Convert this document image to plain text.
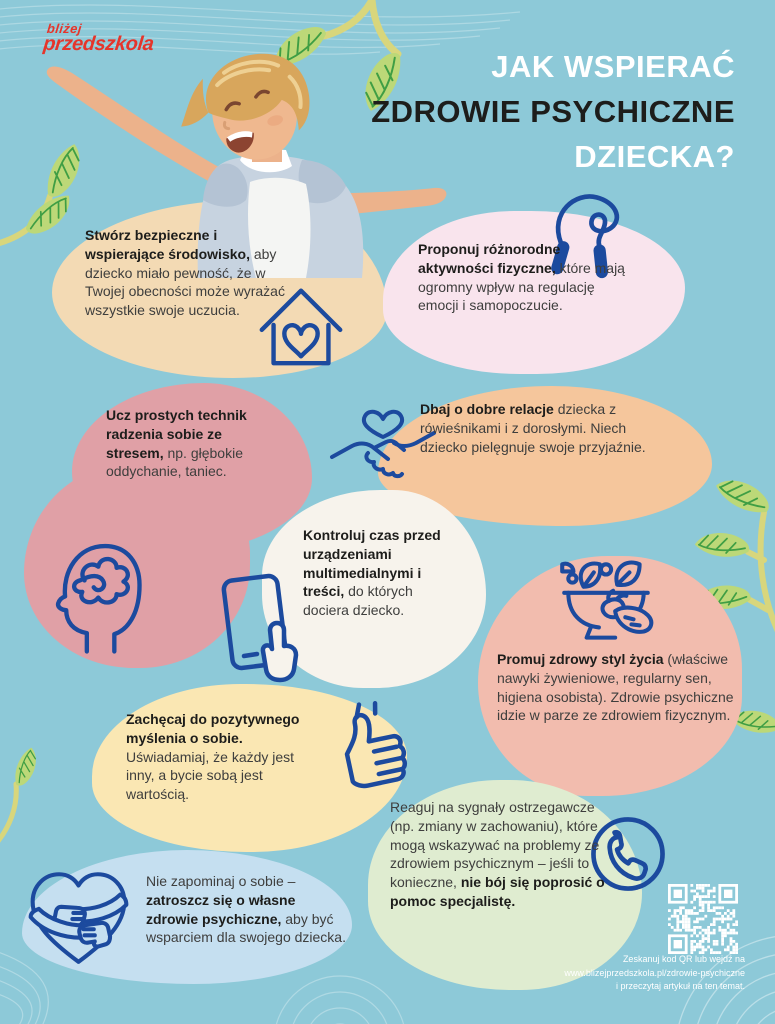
bliżej
przedszkola
JAK WSPIERAĆ
ZDROWIE PSYCHICZNE
DZIECKA?
Stwórz bezpieczne i wspierające środowisko, aby dziecko miało pewność, że w Twojej obecności może wyrażać wszystkie swoje uczucia.
Proponuj różnorodne aktywności fizyczne, które mają ogromny wpływ na regulację emocji i samopoczucie.
Ucz prostych technik radzenia sobie ze stresem, np. głębokie oddychanie, taniec.
Dbaj o dobre relacje dziecka z rówieśnikami i z dorosłymi. Niech dziecko pielęgnuje swoje przyjaźnie.
Kontroluj czas przed urządzeniami multimedialnymi i treści, do których dociera dziecko.
Promuj zdrowy styl życia (właściwe nawyki żywieniowe, regularny sen, higiena osobista). Zdrowie psychiczne idzie w parze ze zdrowiem fizycznym.
Zachęcaj do pozytywnego myślenia o sobie. Uświadamiaj, że każdy jest inny, a bycie sobą jest wartością.
Reaguj na sygnały ostrzegawcze (np. zmiany w zachowaniu), które mogą wskazywać na problemy ze zdrowiem psychicznym – jeśli to konieczne, nie bój się poprosić o pomoc specjalistę.
Nie zapominaj o sobie – zatroszcz się o własne zdrowie psychiczne, aby być wsparciem dla swojego dziecka.
Zeskanuj kod QR lub wejdź na
www.blizejprzedszkola.pl/zdrowie-psychiczne
i przeczytaj artykuł na ten temat.
